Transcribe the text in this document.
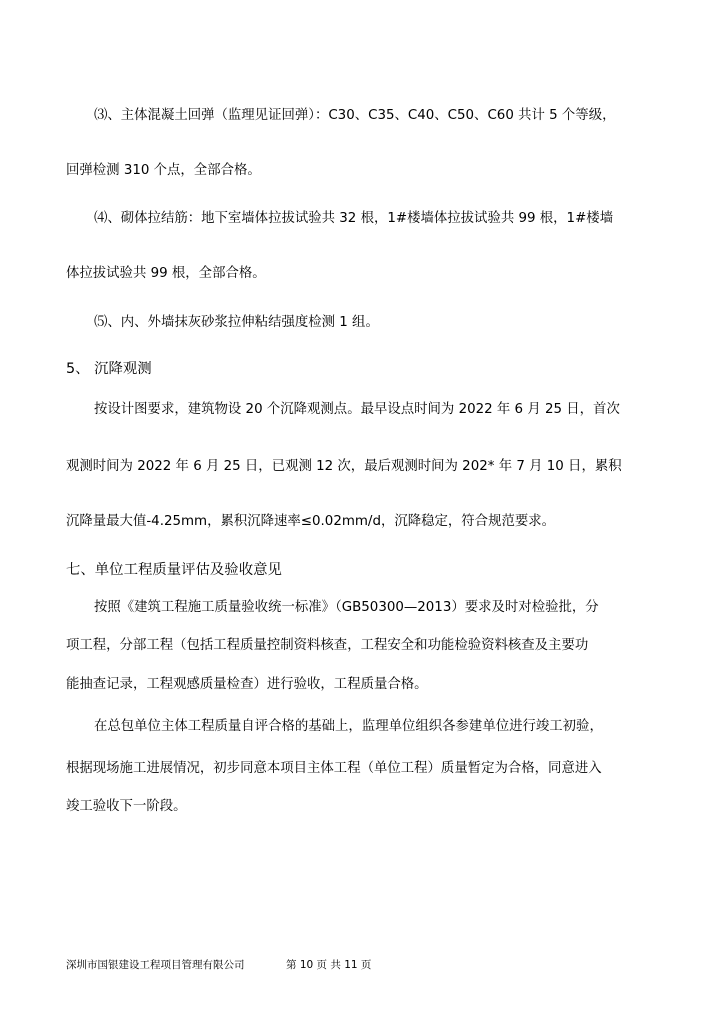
⑶、主体混凝土回弹（监理见证回弹）：C30、C35、C40、C50、C60 共计 5 个等级，
回弹检测 310 个点，全部合格。
⑷、砌体拉结筋：地下室墙体拉拔试验共 32 根，1#楼墙体拉拔试验共 99 根，1#楼墙
体拉拔试验共 99 根，全部合格。
⑸、内、外墙抹灰砂浆拉伸粘结强度检测 1 组。
5、 沉降观测
按设计图要求，建筑物设 20 个沉降观测点。最早设点时间为 2022 年 6 月 25 日，首次
观测时间为 2022 年 6 月 25 日，已观测 12 次，最后观测时间为 202* 年 7 月 10 日，累积
沉降量最大值-4.25mm，累积沉降速率≤0.02mm/d，沉降稳定，符合规范要求。
七、单位工程质量评估及验收意见
按照《建筑工程施工质量验收统一标准》（GB50300—2013）要求及时对检验批，分
项工程，分部工程（包括工程质量控制资料核查，工程安全和功能检验资料核查及主要功
能抽查记录，工程观感质量检查）进行验收，工程质量合格。
在总包单位主体工程质量自评合格的基础上，监理单位组织各参建单位进行竣工初验，
根据现场施工进展情况，初步同意本项目主体工程（单位工程）质量暂定为合格，同意进入
竣工验收下一阶段。
深圳市国银建设工程项目管理有限公司	第 10 页 共 11 页
